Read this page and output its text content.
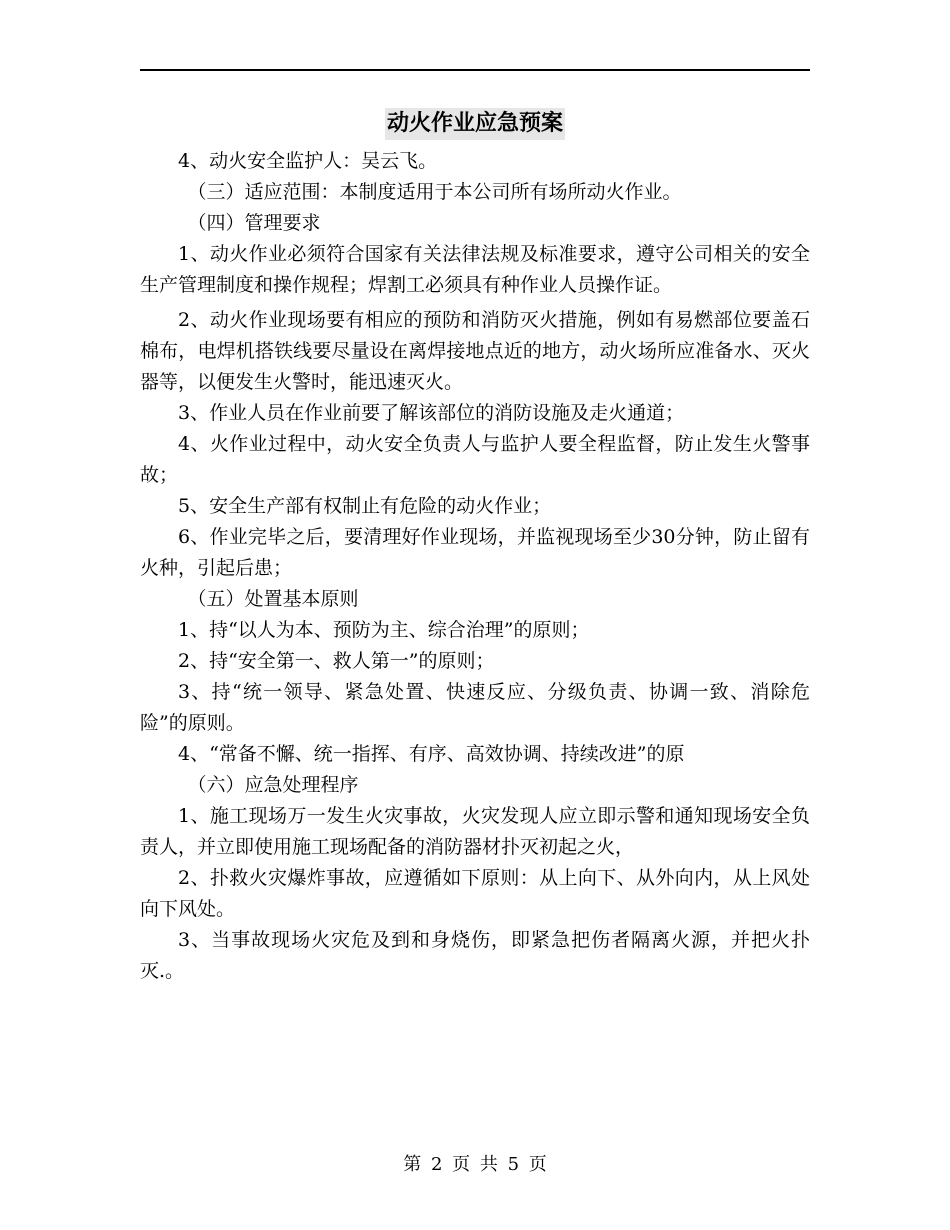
动火作业应急预案

4、动火安全监护人：吴云飞。

（三）适应范围：本制度适用于本公司所有场所动火作业。

（四）管理要求

1、动火作业必须符合国家有关法律法规及标准要求，遵守公司相关的安全生产管理制度和操作规程；焊割工必须具有种作业人员操作证。

2、动火作业现场要有相应的预防和消防灭火措施，例如有易燃部位要盖石棉布，电焊机搭铁线要尽量设在离焊接地点近的地方，动火场所应准备水、灭火器等，以便发生火警时，能迅速灭火。

3、作业人员在作业前要了解该部位的消防设施及走火通道；

4、火作业过程中，动火安全负责人与监护人要全程监督，防止发生火警事故；

5、安全生产部有权制止有危险的动火作业；

6、作业完毕之后，要清理好作业现场，并监视现场至少30分钟，防止留有火种，引起后患；

（五）处置基本原则

1、持“以人为本、预防为主、综合治理”的原则；

2、持“安全第一、救人第一”的原则；

3、持“统一领导、紧急处置、快速反应、分级负责、协调一致、消除危险”的原则。

4、“常备不懈、统一指挥、有序、高效协调、持续改进”的原

（六）应急处理程序

1、施工现场万一发生火灾事故，火灾发现人应立即示警和通知现场安全负责人，并立即使用施工现场配备的消防器材扑灭初起之火，

2、扑救火灾爆炸事故，应遵循如下原则：从上向下、从外向内，从上风处向下风处。

3、当事故现场火灾危及到和身烧伤，即紧急把伤者隔离火源，并把火扑灭.。

第 2 页 共 5 页
